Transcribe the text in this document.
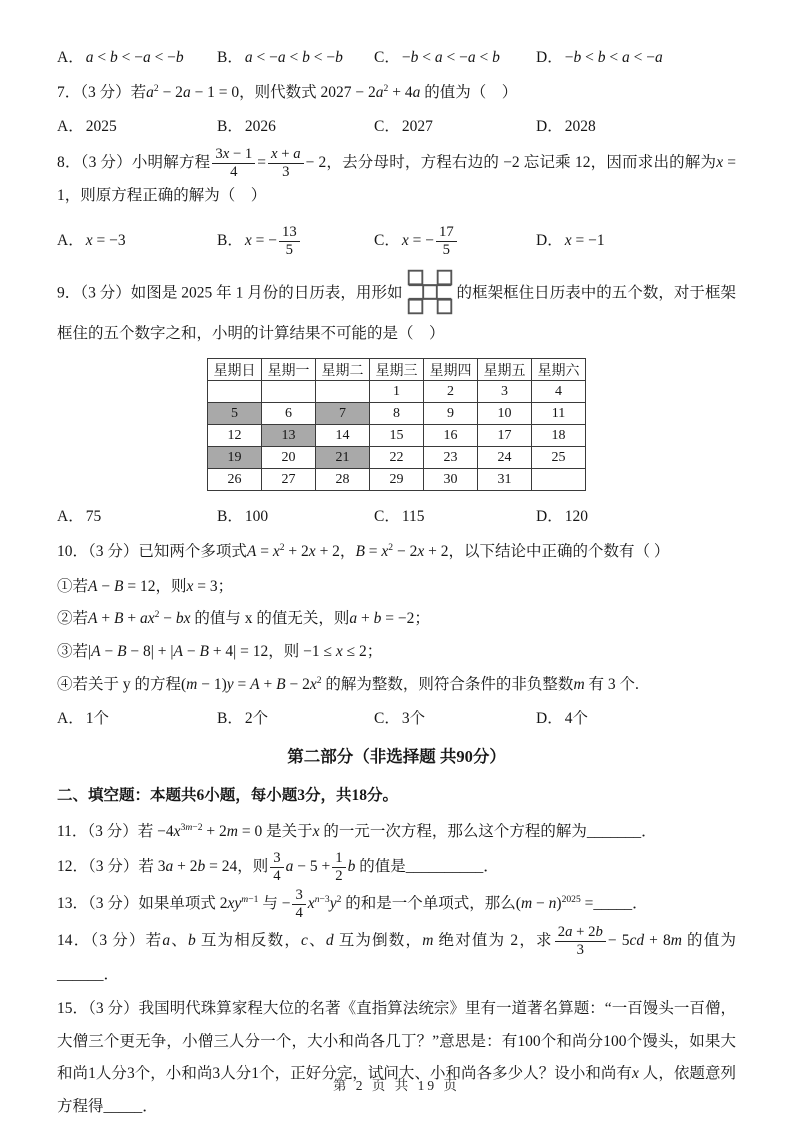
A． a < b < −a < −b	B． a < −a < b < −b	C． −b < a < −a < b	D． −b < b < a < −a

7．（3 分）若$a^2 - 2a - 1 = 0$，则代数式 $2027 - 2a^2 + 4a$ 的值为（　）

A． 2025	B． 2026	C． 2027	D． 2028

8．（3 分）小明解方程 $\frac{3x - 1}{4} = \frac{x + a}{3} - 2$，去分母时，方程右边的 −2 忘记乘 12，因而求出的解为x = 1，则原方程正确的解为（　）

A． x = −3	B． x = − $\frac{13}{5}$	C． x = − $\frac{17}{5}$	D． x = −1

9．（3 分）如图是 2025 年 1 月份的日历表，用形如	的框架框住日历表中的五个数，对于框架框住的五个数字之和，小明的计算结果不可能的是（　）

星期日	星期一	星期二	星期三	星期四	星期五	星期六
			1	2	3	4
5	6	7	8	9	10	11
12	13	14	15	16	17	18
19	20	21	22	23	24	25
26	27	28	29	30	31	
A． 75	B． 100	C． 115	D． 120

10．（3 分）已知两个多项式$A = x^2 + 2x + 2$，$B = x^2 - 2x + 2$，以下结论中正确的个数有（ ）

①若A − B = 12，则x = 3；

②若$A + B + ax^2$ − bx 的值与 x 的值无关，则a + b = −2；

③若|A − B − 8| + |A − B + 4| = 12，则 −1 ≤ x ≤ 2；

④若关于 y 的方程$(m - 1)y = A + B - 2x^2$ 的解为整数，则符合条件的非负整数m 有 3 个.

A． 1个	B． 2个	C． 3个	D． 4个
第二部分（非选择题 共90分）

二、填空题：本题共6小题，每小题3分，共18分。

11．（3 分）若 $-4x^{3m-2} + 2m = 0$ 是关于x 的一元一次方程，那么这个方程的解为_______．

12．（3 分）若 3a + 2b = 24，则 $\frac{3}{4}$ $a - 5 + \frac{1}{2}$ b 的值是__________．

13．（3 分）如果单项式 $2xy^{m-1}$ 与 − $\frac{3}{4} x^{n-3}y^2$ 的和是一个单项式，那么$(m - n)^{2025}$ =_____．

14．（3 分）若a、b 互为相反数，c、d 互为倒数，m 绝对值为 2，求 $\frac{2a + 2b}{3} - 5cd + 8m$ 的值为______．

15．（3 分）我国明代珠算家程大位的名著《直指算法统宗》里有一道著名算题：“一百馒头一百僧，大僧三个更无争，小僧三人分一个，大小和尚各几丁？”意思是：有100个和尚分100个馒头，如果大和尚1人分3个，小和尚3人分1个，正好分完，试问大、小和尚各多少人？设小和尚有x 人，依题意列方程得_____．

第 2 页 共 19 页
